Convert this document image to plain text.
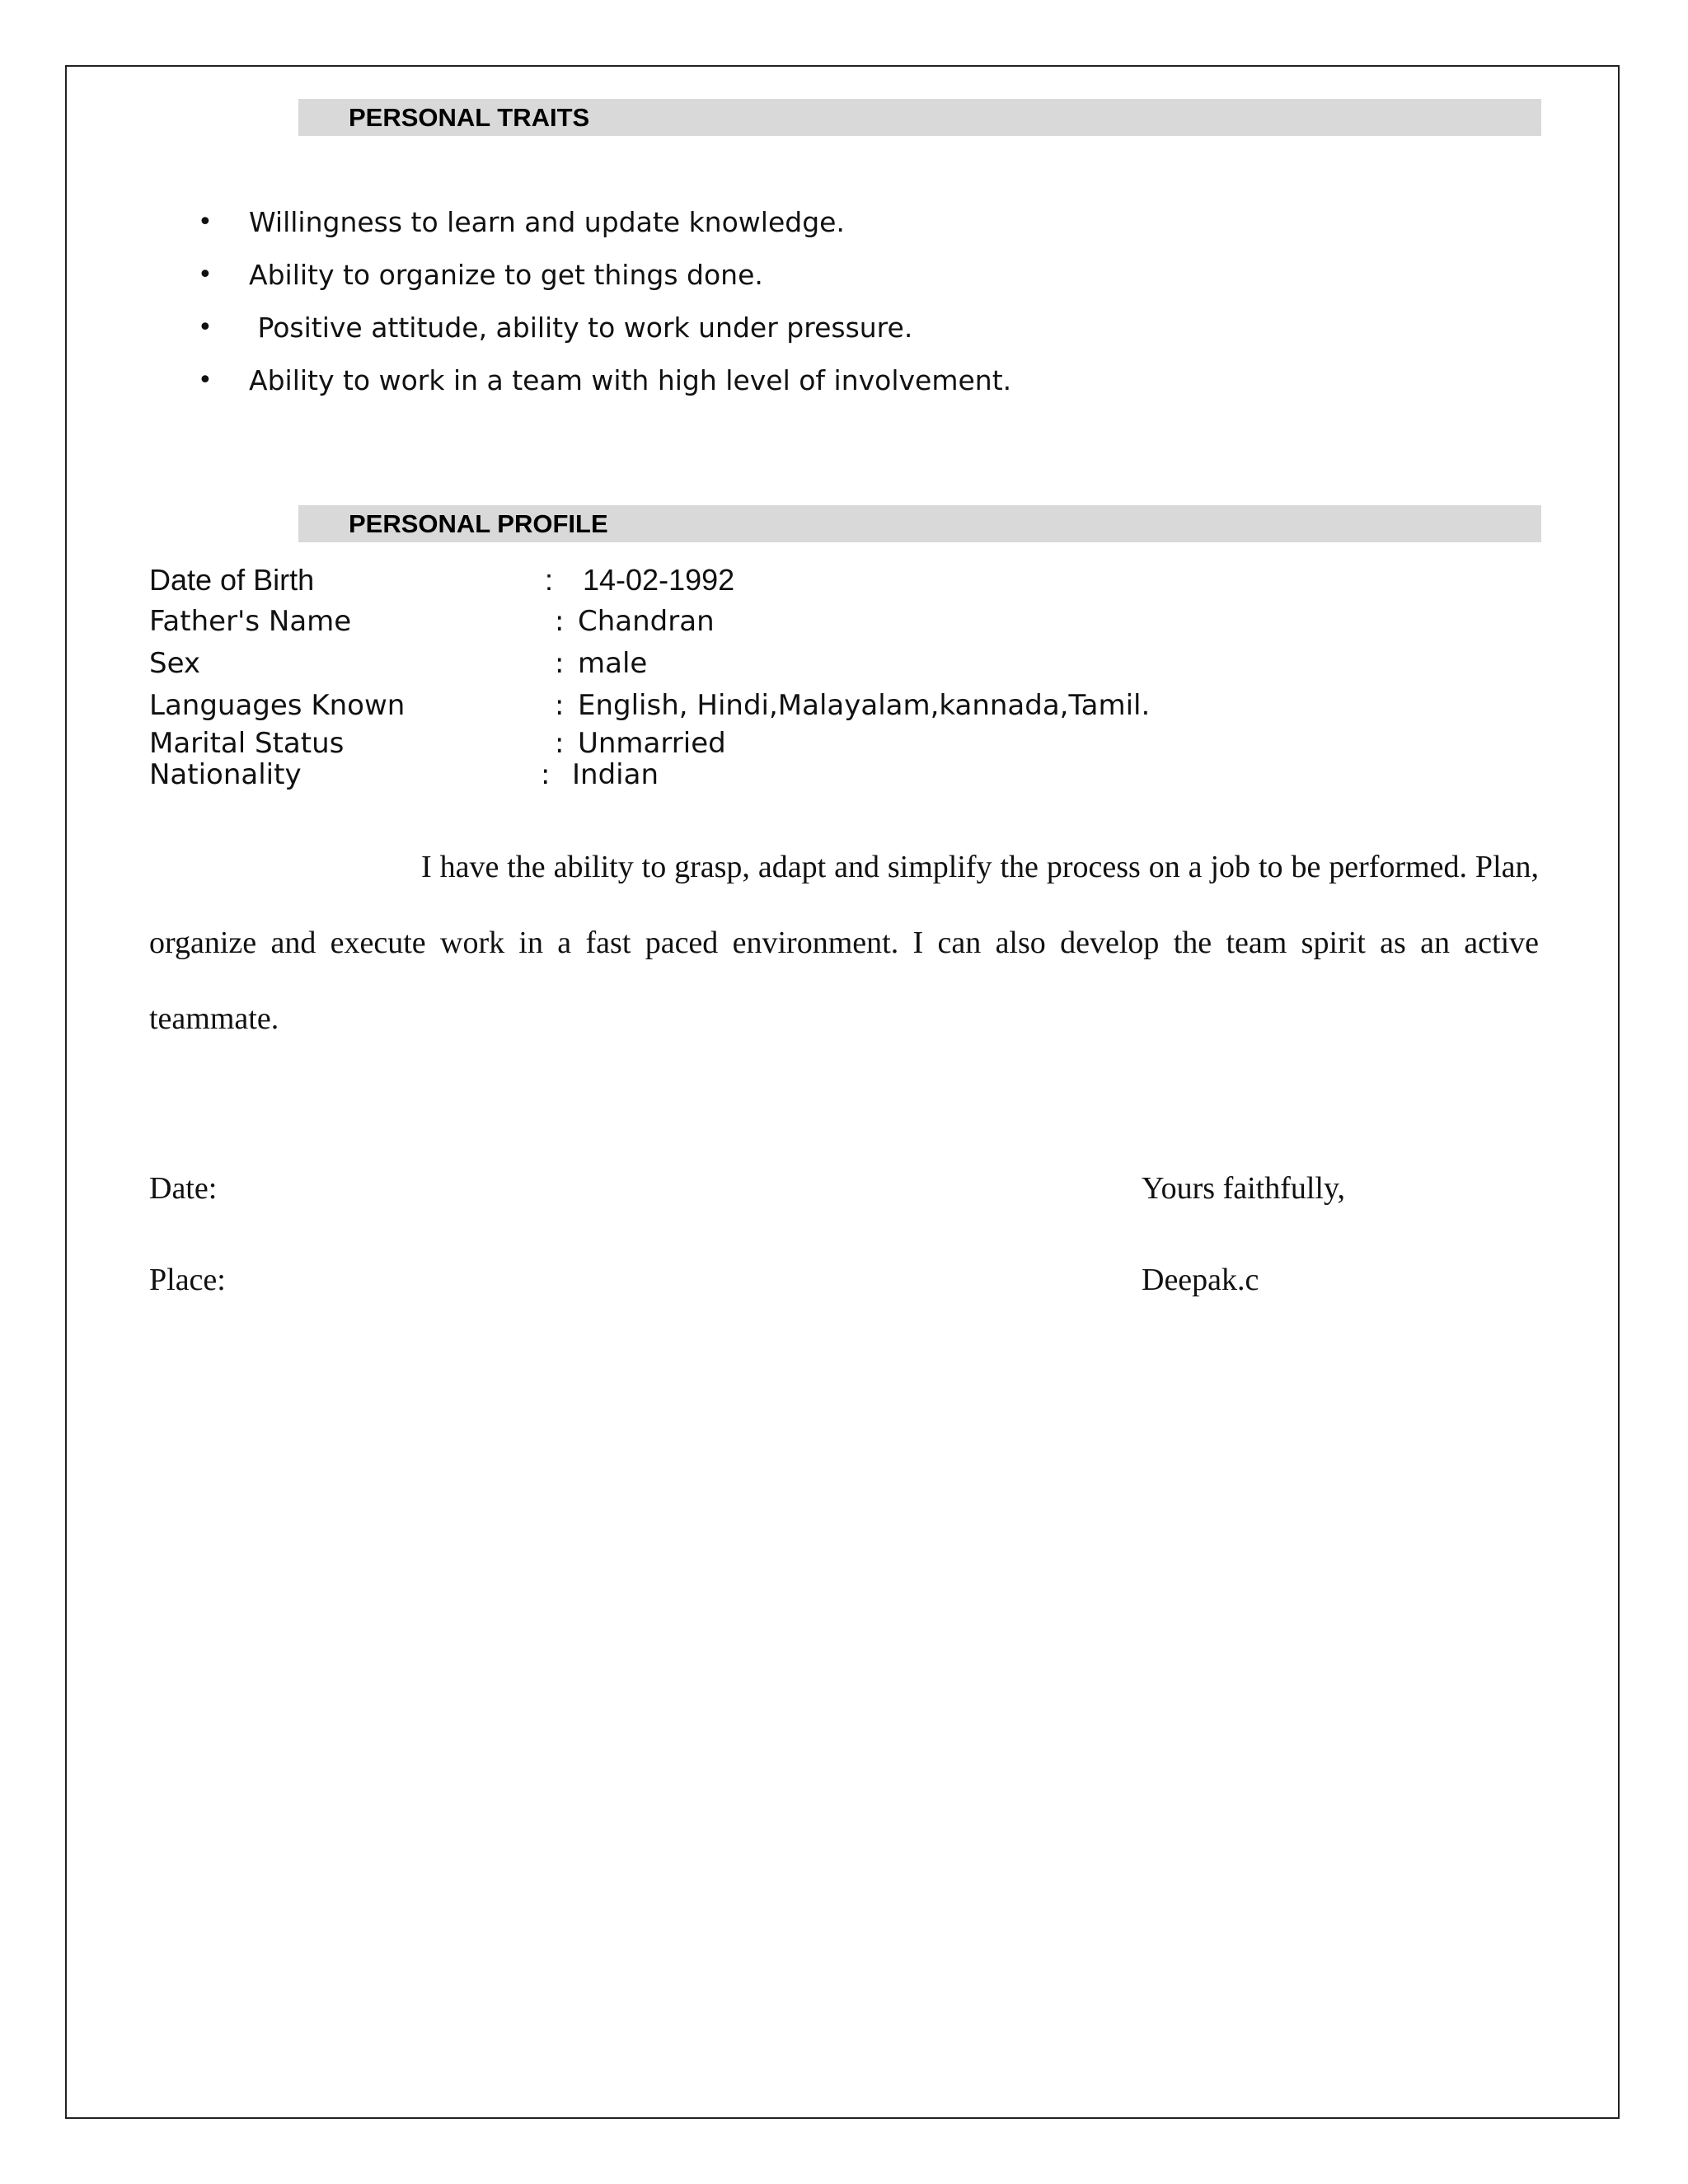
PERSONAL TRAITS
• Willingness to learn and update knowledge.
• Ability to organize to get things done.
• Positive attitude, ability to work under pressure.
• Ability to work in a team with high level of involvement.
PERSONAL PROFILE
Date of Birth	: 14-02-1992
Father's Name	: Chandran
Sex	: male
Languages Known	: English, Hindi,Malayalam,kannada,Tamil.
Marital Status	: Unmarried
Nationality	: Indian
I have the ability to grasp, adapt and simplify the process on a job to be performed. Plan, organize and execute work in a fast paced environment. I can also develop the team spirit as an active teammate.
Date:
Place:
Yours faithfully,
Deepak.c
